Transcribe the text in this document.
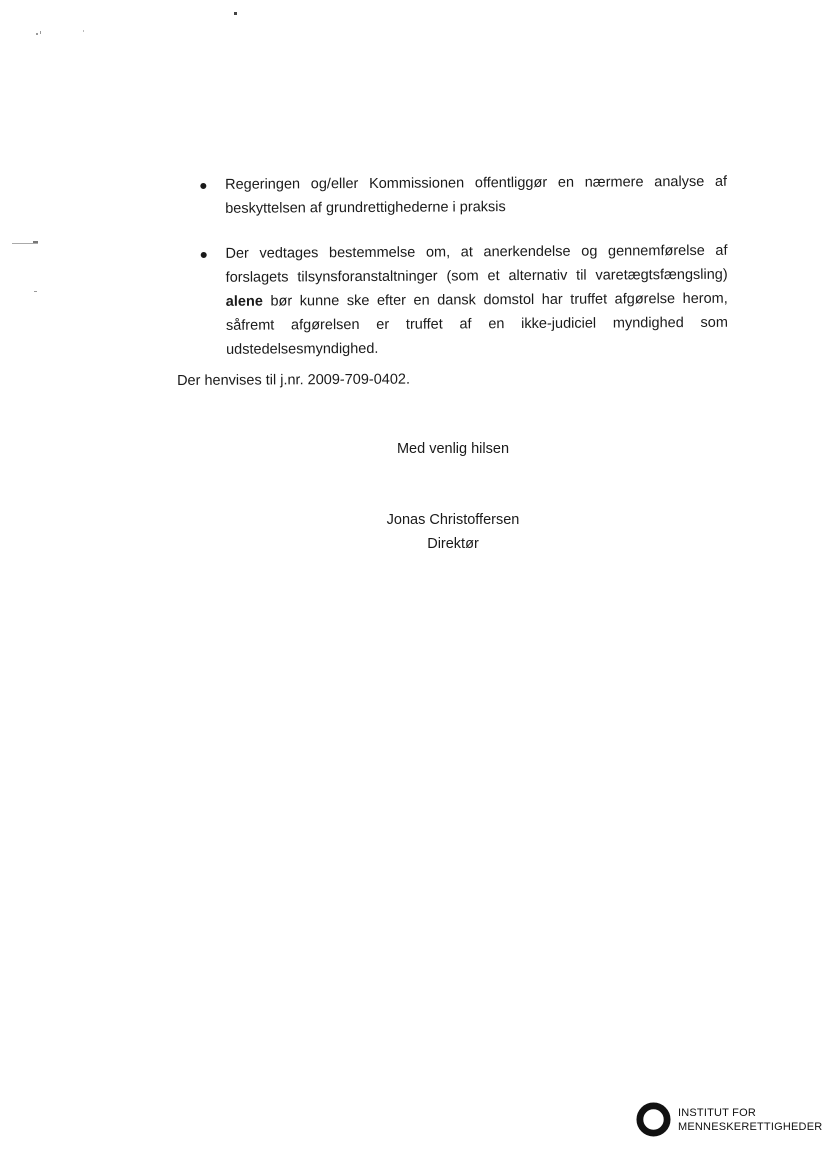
● Regeringen og/eller Kommissionen offentliggør en nærmere analyse af beskyttelsen af grundrettighederne i praksis
● Der vedtages bestemmelse om, at anerkendelse og gennemførelse af forslagets tilsynsforanstaltninger (som et alternativ til varetægtsfængsling) alene bør kunne ske efter en dansk domstol har truffet afgørelse herom, såfremt afgørelsen er truffet af en ikke-judiciel myndighed som udstedelsesmyndighed.
Der henvises til j.nr. 2009-709-0402.
Med venlig hilsen
Jonas Christoffersen
Direktør
INSTITUT FOR
MENNESKERETTIGHEDER
